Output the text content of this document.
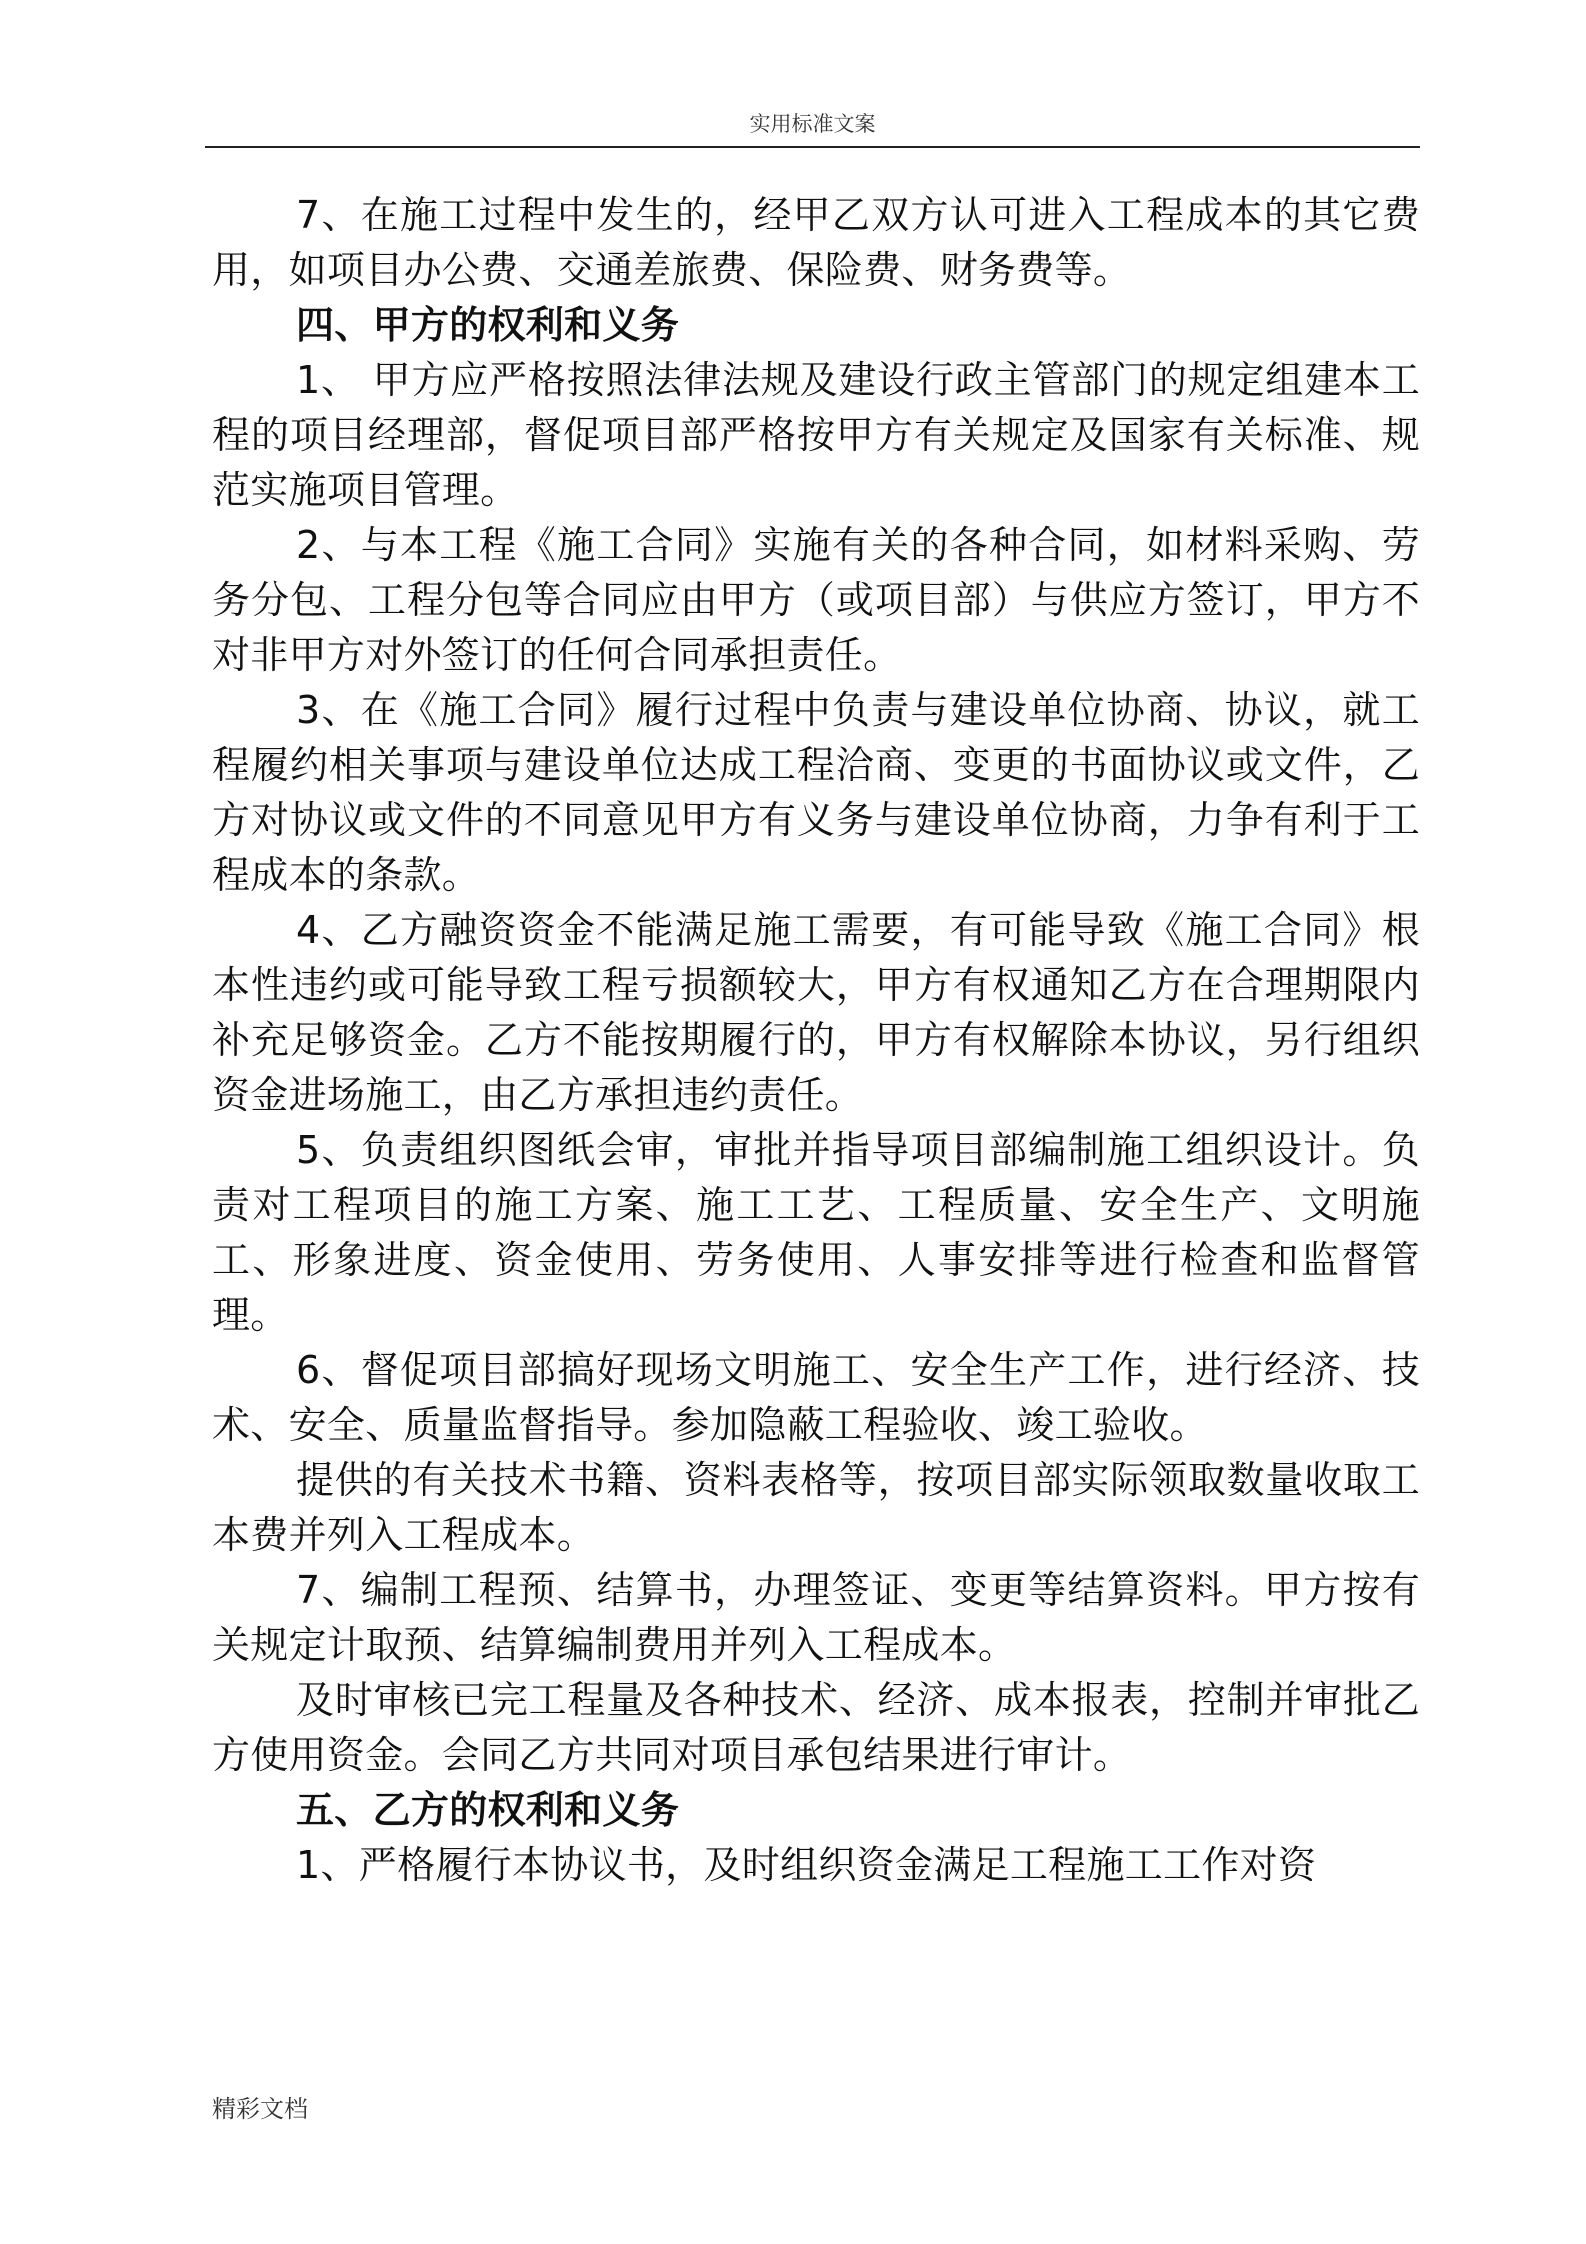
实用标准文案

7、在施工过程中发生的，经甲乙双方认可进入工程成本的其它费用，如项目办公费、交通差旅费、保险费、财务费等。

四、甲方的权利和义务

1、 甲方应严格按照法律法规及建设行政主管部门的规定组建本工程的项目经理部，督促项目部严格按甲方有关规定及国家有关标准、规范实施项目管理。

2、与本工程《施工合同》实施有关的各种合同，如材料采购、劳务分包、工程分包等合同应由甲方（或项目部）与供应方签订，甲方不对非甲方对外签订的任何合同承担责任。

3、在《施工合同》履行过程中负责与建设单位协商、协议，就工程履约相关事项与建设单位达成工程洽商、变更的书面协议或文件，乙方对协议或文件的不同意见甲方有义务与建设单位协商，力争有利于工程成本的条款。

4、乙方融资资金不能满足施工需要，有可能导致《施工合同》根本性违约或可能导致工程亏损额较大，甲方有权通知乙方在合理期限内补充足够资金。乙方不能按期履行的，甲方有权解除本协议，另行组织资金进场施工，由乙方承担违约责任。

5、负责组织图纸会审，审批并指导项目部编制施工组织设计。负责对工程项目的施工方案、施工工艺、工程质量、安全生产、文明施工、形象进度、资金使用、劳务使用、人事安排等进行检查和监督管理。

6、督促项目部搞好现场文明施工、安全生产工作，进行经济、技术、安全、质量监督指导。参加隐蔽工程验收、竣工验收。

提供的有关技术书籍、资料表格等，按项目部实际领取数量收取工本费并列入工程成本。

7、编制工程预、结算书，办理签证、变更等结算资料。甲方按有关规定计取预、结算编制费用并列入工程成本。

及时审核已完工程量及各种技术、经济、成本报表，控制并审批乙方使用资金。会同乙方共同对项目承包结果进行审计。

五、乙方的权利和义务

1、严格履行本协议书，及时组织资金满足工程施工工作对资

精彩文档
